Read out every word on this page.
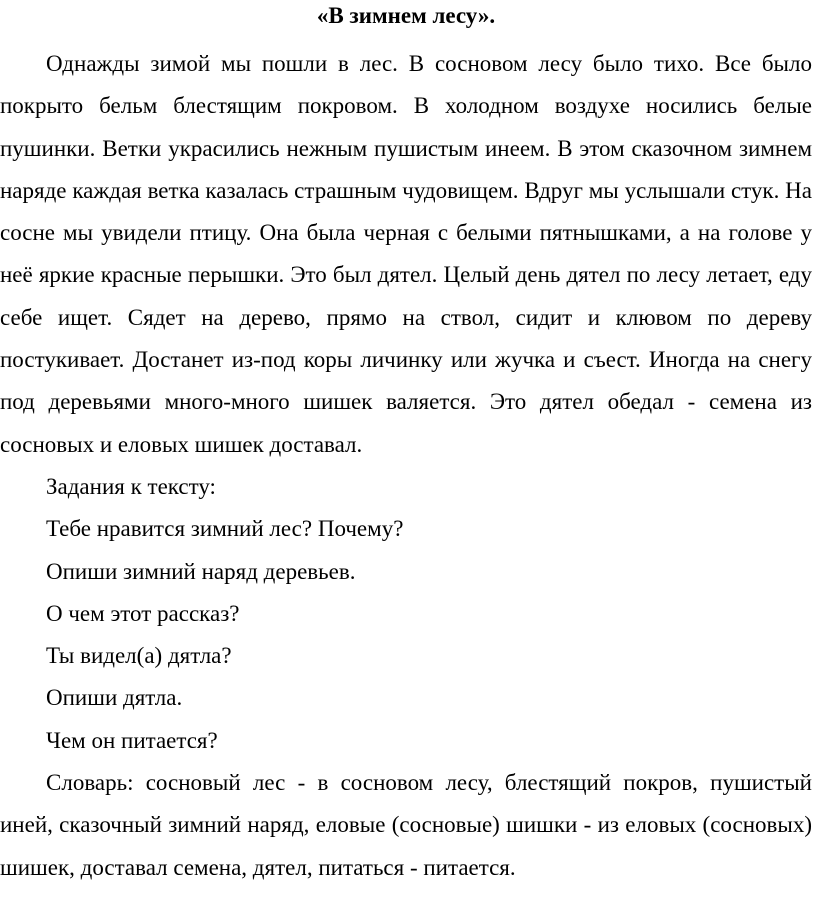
«В зимнем лесу».

Однажды зимой мы пошли в лес. В сосновом лесу было тихо. Все было покрыто бельм блестящим покровом. В холодном воздухе носились белые пушинки. Ветки украсились нежным пушистым инеем. В этом сказочном зимнем наряде каждая ветка казалась страшным чудовищем. Вдруг мы услышали стук. На сосне мы увидели птицу. Она была черная с белыми пятнышками, а на голове у неё яркие красные перышки. Это был дятел. Целый день дятел по лесу летает, еду себе ищет. Сядет на дерево, прямо на ствол, сидит и клювом по дереву постукивает. Достанет из-под коры личинку или жучка и съест. Иногда на снегу под деревьями много-много шишек валяется. Это дятел обедал - семена из сосновых и еловых шишек доставал.

Задания к тексту:

Тебе нравится зимний лес? Почему?

Опиши зимний наряд деревьев.

О чем этот рассказ?

Ты видел(а) дятла?

Опиши дятла.

Чем он питается?

Словарь: сосновый лес - в сосновом лесу, блестящий покров, пушистый иней, сказочный зимний наряд, еловые (сосновые) шишки - из еловых (сосновых) шишек, доставал семена, дятел, питаться - питается.
